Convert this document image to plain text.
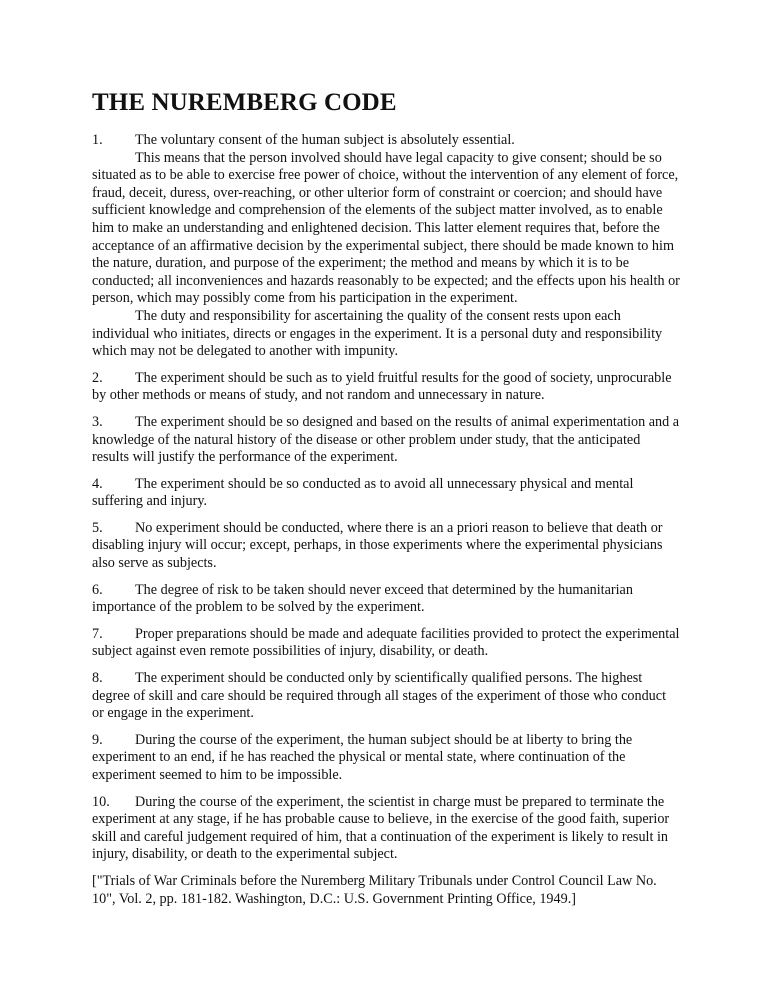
THE NUREMBERG CODE

1. The voluntary consent of the human subject is absolutely essential.

This means that the person involved should have legal capacity to give consent; should be so situated as to be able to exercise free power of choice, without the intervention of any element of force, fraud, deceit, duress, over-reaching, or other ulterior form of constraint or coercion; and should have sufficient knowledge and comprehension of the elements of the subject matter involved, as to enable him to make an understanding and enlightened decision. This latter element requires that, before the acceptance of an affirmative decision by the experimental subject, there should be made known to him the nature, duration, and purpose of the experiment; the method and means by which it is to be conducted; all inconveniences and hazards reasonably to be expected; and the effects upon his health or person, which may possibly come from his participation in the experiment.

The duty and responsibility for ascertaining the quality of the consent rests upon each individual who initiates, directs or engages in the experiment. It is a personal duty and responsibility which may not be delegated to another with impunity.

2. The experiment should be such as to yield fruitful results for the good of society, unprocurable by other methods or means of study, and not random and unnecessary in nature.

3. The experiment should be so designed and based on the results of animal experimentation and a knowledge of the natural history of the disease or other problem under study, that the anticipated results will justify the performance of the experiment.

4. The experiment should be so conducted as to avoid all unnecessary physical and mental suffering and injury.

5. No experiment should be conducted, where there is an a priori reason to believe that death or disabling injury will occur; except, perhaps, in those experiments where the experimental physicians also serve as subjects.

6. The degree of risk to be taken should never exceed that determined by the humanitarian importance of the problem to be solved by the experiment.

7. Proper preparations should be made and adequate facilities provided to protect the experimental subject against even remote possibilities of injury, disability, or death.

8. The experiment should be conducted only by scientifically qualified persons. The highest degree of skill and care should be required through all stages of the experiment of those who conduct or engage in the experiment.

9. During the course of the experiment, the human subject should be at liberty to bring the experiment to an end, if he has reached the physical or mental state, where continuation of the experiment seemed to him to be impossible.

10. During the course of the experiment, the scientist in charge must be prepared to terminate the experiment at any stage, if he has probable cause to believe, in the exercise of the good faith, superior skill and careful judgement required of him, that a continuation of the experiment is likely to result in injury, disability, or death to the experimental subject.

["Trials of War Criminals before the Nuremberg Military Tribunals under Control Council Law No. 10", Vol. 2, pp. 181-182. Washington, D.C.: U.S. Government Printing Office, 1949.]
